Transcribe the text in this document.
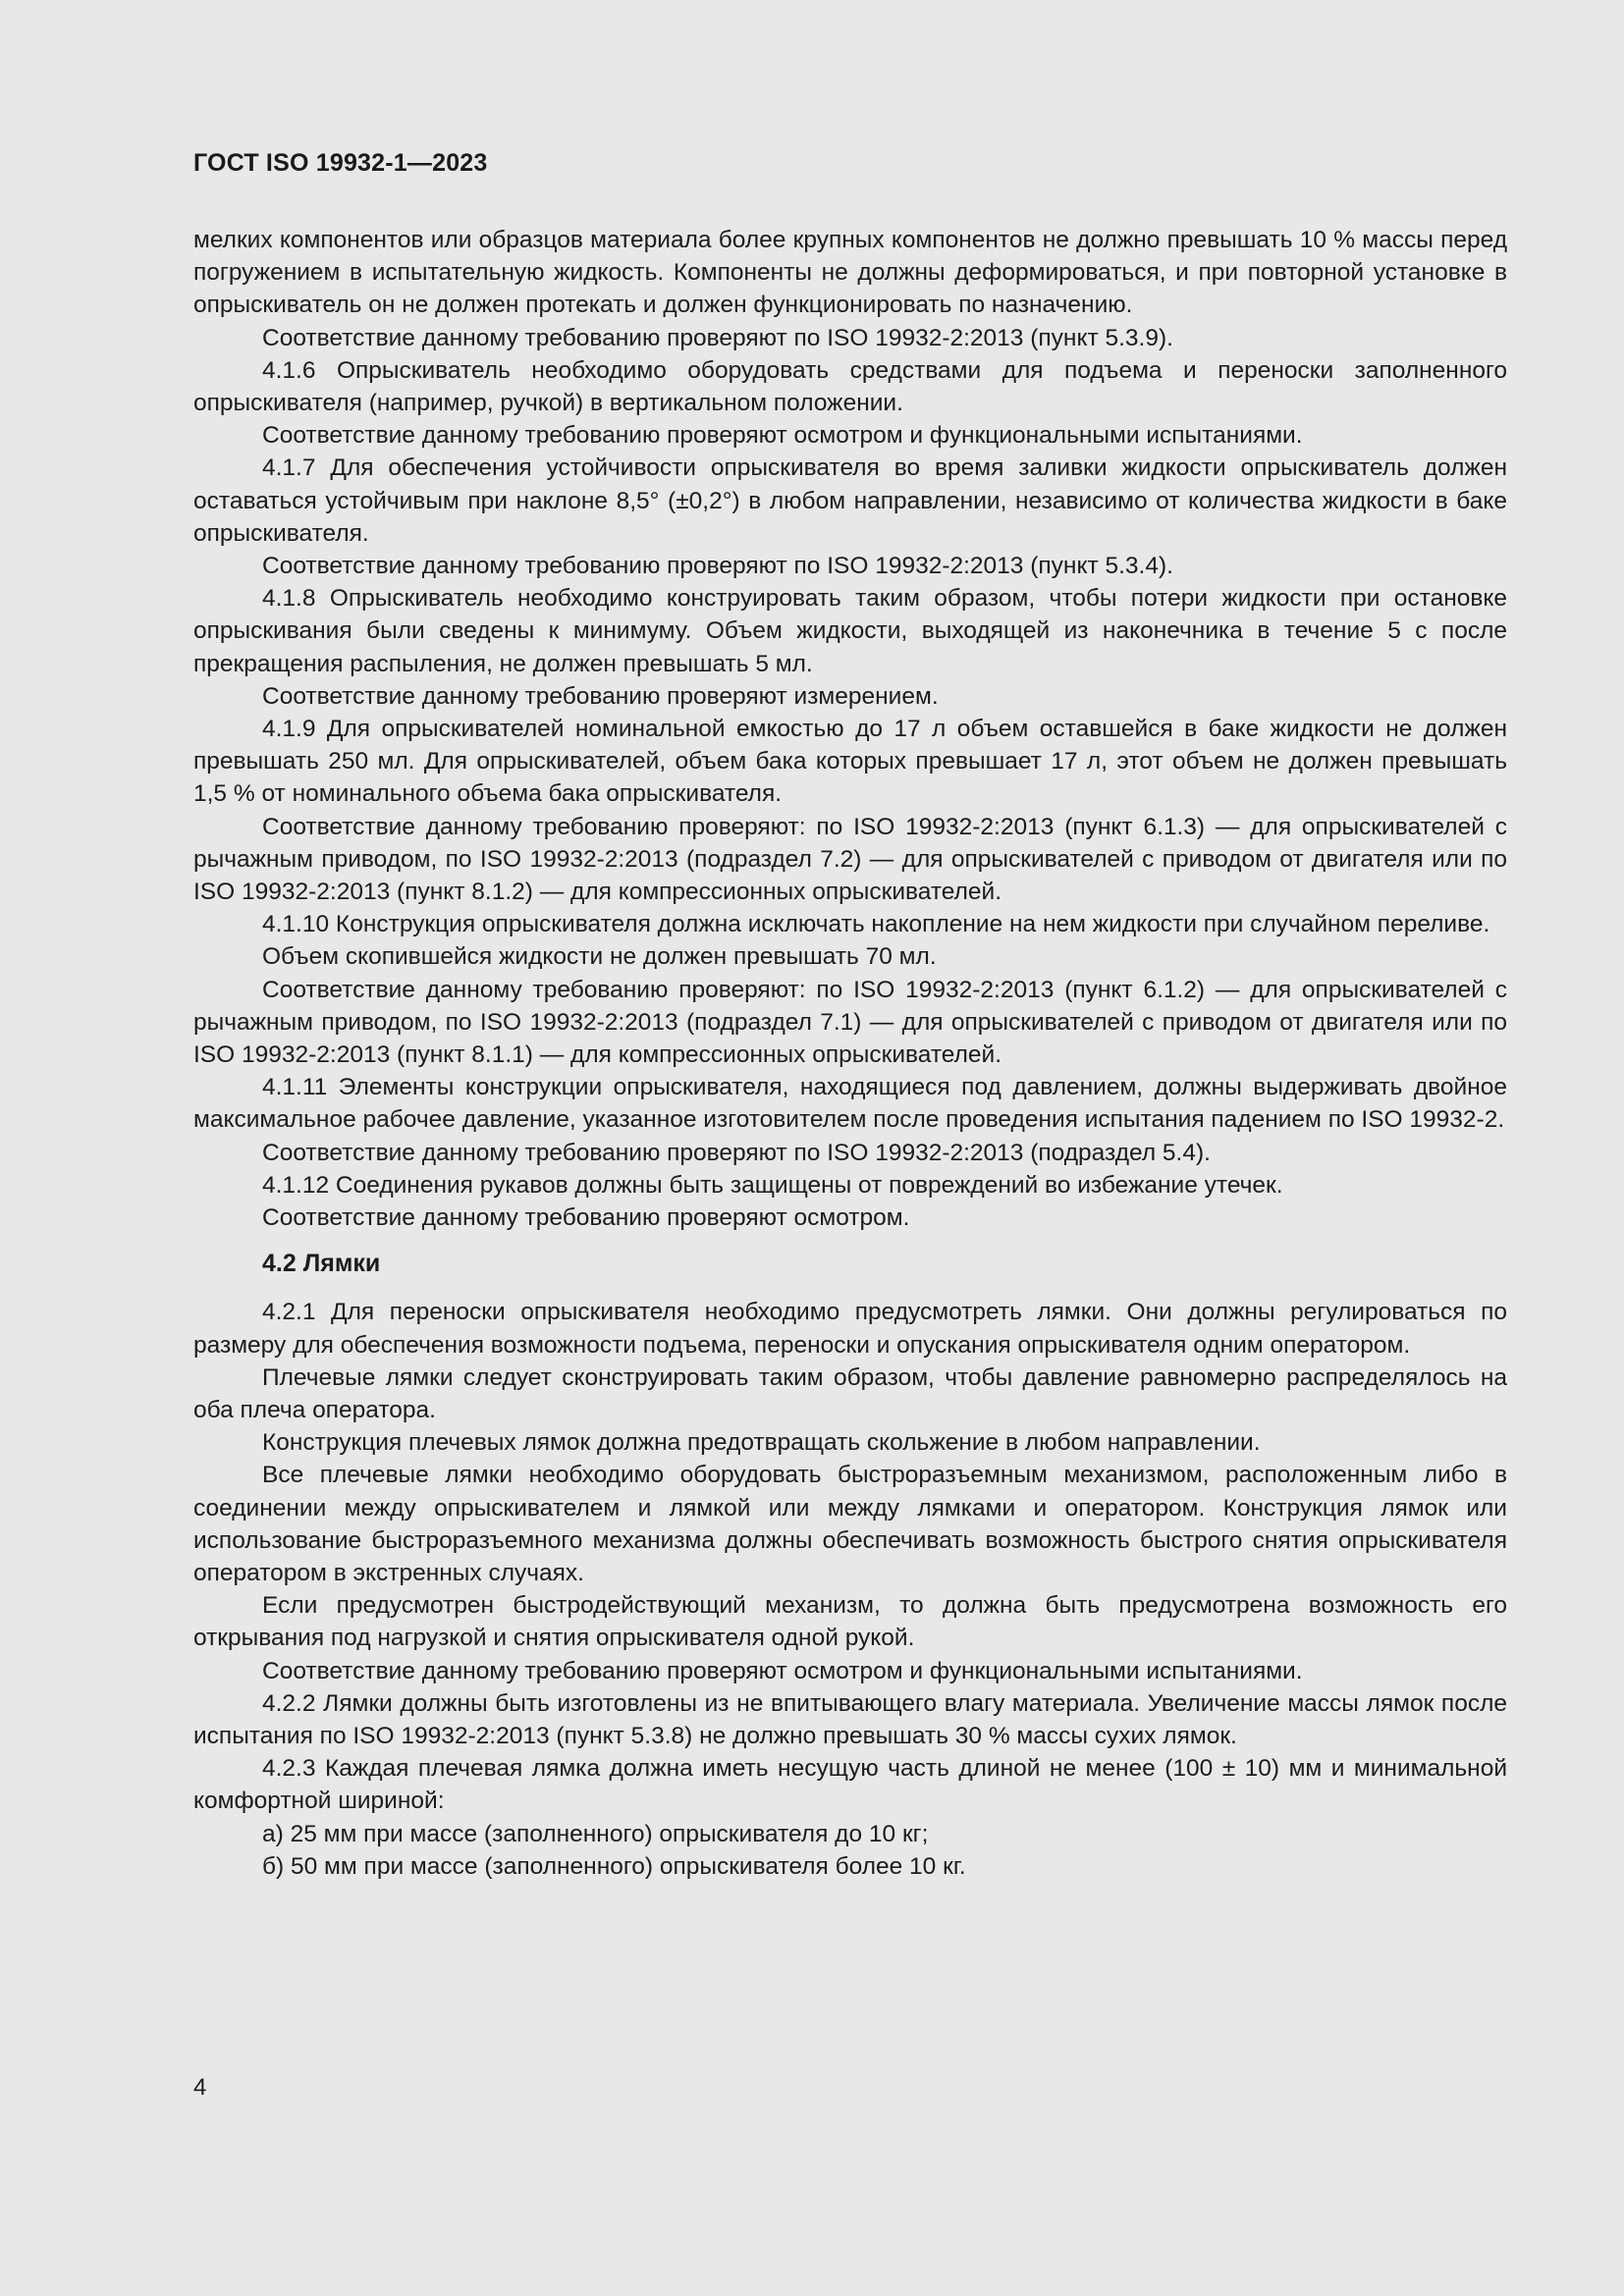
ГОСТ ISO 19932-1—2023

мелких компонентов или образцов материала более крупных компонентов не должно превышать 10 % массы перед погружением в испытательную жидкость. Компоненты не должны деформироваться, и при повторной установке в опрыскиватель он не должен протекать и должен функционировать по назначению.

Соответствие данному требованию проверяют по ISO 19932-2:2013 (пункт 5.3.9).

4.1.6 Опрыскиватель необходимо оборудовать средствами для подъема и переноски заполненного опрыскивателя (например, ручкой) в вертикальном положении.

Соответствие данному требованию проверяют осмотром и функциональными испытаниями.

4.1.7 Для обеспечения устойчивости опрыскивателя во время заливки жидкости опрыскиватель должен оставаться устойчивым при наклоне 8,5° (±0,2°) в любом направлении, независимо от количества жидкости в баке опрыскивателя.

Соответствие данному требованию проверяют по ISO 19932-2:2013 (пункт 5.3.4).

4.1.8 Опрыскиватель необходимо конструировать таким образом, чтобы потери жидкости при остановке опрыскивания были сведены к минимуму. Объем жидкости, выходящей из наконечника в течение 5 с после прекращения распыления, не должен превышать 5 мл.

Соответствие данному требованию проверяют измерением.

4.1.9 Для опрыскивателей номинальной емкостью до 17 л объем оставшейся в баке жидкости не должен превышать 250 мл. Для опрыскивателей, объем бака которых превышает 17 л, этот объем не должен превышать 1,5 % от номинального объема бака опрыскивателя.

Соответствие данному требованию проверяют: по ISO 19932-2:2013 (пункт 6.1.3) — для опрыскивателей с рычажным приводом, по ISO 19932-2:2013 (подраздел 7.2) — для опрыскивателей с приводом от двигателя или по ISO 19932-2:2013 (пункт 8.1.2) — для компрессионных опрыскивателей.

4.1.10 Конструкция опрыскивателя должна исключать накопление на нем жидкости при случайном переливе.

Объем скопившейся жидкости не должен превышать 70 мл.

Соответствие данному требованию проверяют: по ISO 19932-2:2013 (пункт 6.1.2) — для опрыскивателей с рычажным приводом, по ISO 19932-2:2013 (подраздел 7.1) — для опрыскивателей с приводом от двигателя или по ISO 19932-2:2013 (пункт 8.1.1) — для компрессионных опрыскивателей.

4.1.11 Элементы конструкции опрыскивателя, находящиеся под давлением, должны выдерживать двойное максимальное рабочее давление, указанное изготовителем после проведения испытания падением по ISO 19932-2.

Соответствие данному требованию проверяют по ISO 19932-2:2013 (подраздел 5.4).

4.1.12 Соединения рукавов должны быть защищены от повреждений во избежание утечек.

Соответствие данному требованию проверяют осмотром.

4.2 Лямки

4.2.1 Для переноски опрыскивателя необходимо предусмотреть лямки. Они должны регулироваться по размеру для обеспечения возможности подъема, переноски и опускания опрыскивателя одним оператором.

Плечевые лямки следует сконструировать таким образом, чтобы давление равномерно распределялось на оба плеча оператора.

Конструкция плечевых лямок должна предотвращать скольжение в любом направлении.

Все плечевые лямки необходимо оборудовать быстроразъемным механизмом, расположенным либо в соединении между опрыскивателем и лямкой или между лямками и оператором. Конструкция лямок или использование быстроразъемного механизма должны обеспечивать возможность быстрого снятия опрыскивателя оператором в экстренных случаях.

Если предусмотрен быстродействующий механизм, то должна быть предусмотрена возможность его открывания под нагрузкой и снятия опрыскивателя одной рукой.

Соответствие данному требованию проверяют осмотром и функциональными испытаниями.

4.2.2 Лямки должны быть изготовлены из не впитывающего влагу материала. Увеличение массы лямок после испытания по ISO 19932-2:2013 (пункт 5.3.8) не должно превышать 30 % массы сухих лямок.

4.2.3 Каждая плечевая лямка должна иметь несущую часть длиной не менее (100 ± 10) мм и минимальной комфортной шириной:

а) 25 мм при массе (заполненного) опрыскивателя до 10 кг;

б) 50 мм при массе (заполненного) опрыскивателя более 10 кг.

4
